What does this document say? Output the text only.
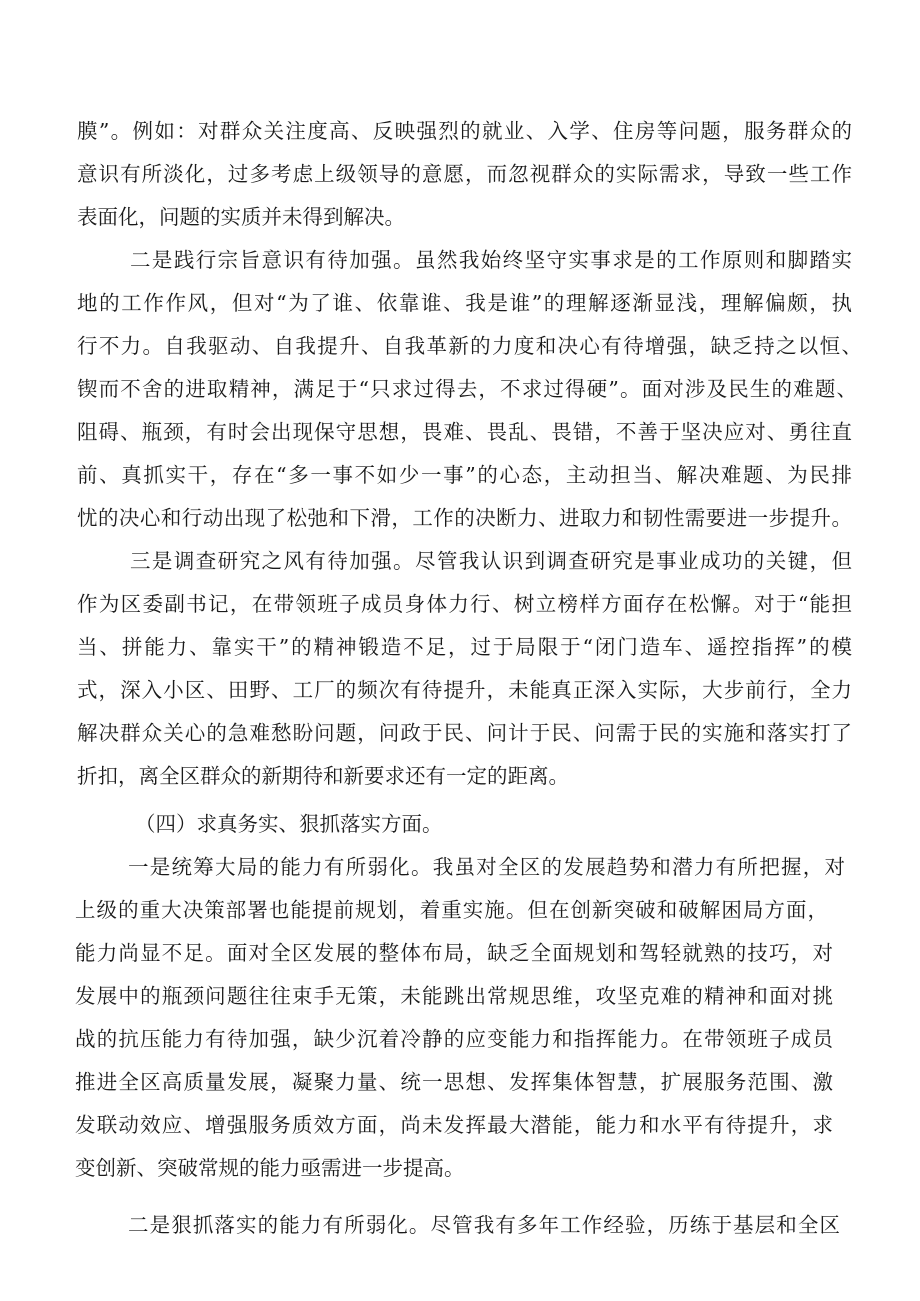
膜”。例如：对群众关注度高、反映强烈的就业、入学、住房等问题，服务群众的

意识有所淡化，过多考虑上级领导的意愿，而忽视群众的实际需求，导致一些工作

表面化，问题的实质并未得到解决。

二是践行宗旨意识有待加强。虽然我始终坚守实事求是的工作原则和脚踏实

地的工作作风，但对“为了谁、依靠谁、我是谁”的理解逐渐显浅，理解偏颇，执

行不力。自我驱动、自我提升、自我革新的力度和决心有待增强，缺乏持之以恒、

锲而不舍的进取精神，满足于“只求过得去，不求过得硬”。面对涉及民生的难题、

阻碍、瓶颈，有时会出现保守思想，畏难、畏乱、畏错，不善于坚决应对、勇往直

前、真抓实干，存在“多一事不如少一事”的心态，主动担当、解决难题、为民排

忧的决心和行动出现了松弛和下滑，工作的决断力、进取力和韧性需要进一步提升。

三是调查研究之风有待加强。尽管我认识到调查研究是事业成功的关键，但

作为区委副书记，在带领班子成员身体力行、树立榜样方面存在松懈。对于“能担

当、拼能力、靠实干”的精神锻造不足，过于局限于“闭门造车、遥控指挥”的模

式，深入小区、田野、工厂的频次有待提升，未能真正深入实际，大步前行，全力

解决群众关心的急难愁盼问题，问政于民、问计于民、问需于民的实施和落实打了

折扣，离全区群众的新期待和新要求还有一定的距离。

（四）求真务实、狠抓落实方面。

一是统筹大局的能力有所弱化。我虽对全区的发展趋势和潜力有所把握，对

上级的重大决策部署也能提前规划，着重实施。但在创新突破和破解困局方面，

能力尚显不足。面对全区发展的整体布局，缺乏全面规划和驾轻就熟的技巧，对

发展中的瓶颈问题往往束手无策，未能跳出常规思维，攻坚克难的精神和面对挑

战的抗压能力有待加强，缺少沉着冷静的应变能力和指挥能力。在带领班子成员

推进全区高质量发展，凝聚力量、统一思想、发挥集体智慧，扩展服务范围、激

发联动效应、增强服务质效方面，尚未发挥最大潜能，能力和水平有待提升，求

变创新、突破常规的能力亟需进一步提高。

二是狠抓落实的能力有所弱化。尽管我有多年工作经验，历练于基层和全区
